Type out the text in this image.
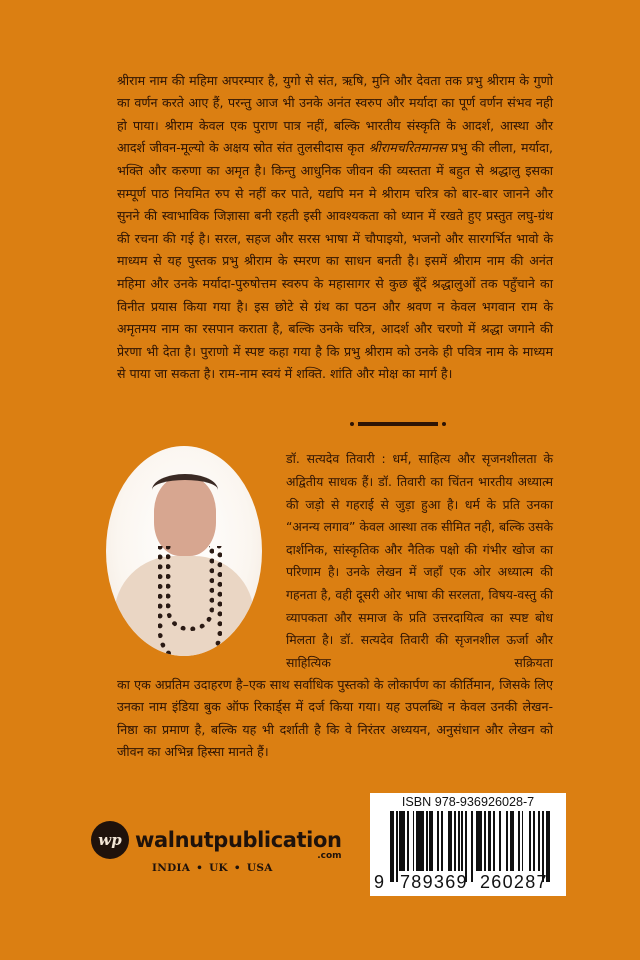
श्रीराम नाम की महिमा अपरम्पार है, युगो से संत, ऋषि, मुनि और देवता तक प्रभु श्रीराम के गुणो का वर्णन करते आए हैं, परन्तु आज भी उनके अनंत स्वरुप और मर्यादा का पूर्ण वर्णन संभव नही हो पाया। श्रीराम केवल एक पुराण पात्र नहीं, बल्कि भारतीय संस्कृति के आदर्श, आस्था और आदर्श जीवन-मूल्यो के अक्षय स्रोत संत तुलसीदास कृत श्रीरामचरितमानस प्रभु की लीला, मर्यादा, भक्ति और करुणा का अमृत है। किन्तु आधुनिक जीवन की व्यस्तता में बहुत से श्रद्धालु इसका सम्पूर्ण पाठ नियमित रुप से नहीं कर पाते, यद्यपि मन मे श्रीराम चरित्र को बार-बार जानने और सुनने की स्वाभाविक जिज्ञासा बनी रहती इसी आवश्यकता को ध्यान में रखते हुए प्रस्तुत लघु-ग्रंथ की रचना की गई है। सरल, सहज और सरस भाषा में चौपाइयो, भजनो और सारगर्भित भावो के माध्यम से यह पुस्तक प्रभु श्रीराम के स्मरण का साधन बनती है। इसमें श्रीराम नाम की अनंत महिमा और उनके मर्यादा-पुरुषोत्तम स्वरुप के महासागर से कुछ बूँदें श्रद्धालुओं तक पहुँचाने का विनीत प्रयास किया गया है। इस छोटे से ग्रंथ का पठन और श्रवण न केवल भगवान राम के अमृतमय नाम का रसपान कराता है, बल्कि उनके चरित्र, आदर्श और चरणो में श्रद्धा जगाने की प्रेरणा भी देता है। पुराणो में स्पष्ट कहा गया है कि प्रभु श्रीराम को उनके ही पवित्र नाम के माध्यम से पाया जा सकता है। राम-नाम स्वयं में शक्ति. शांति और मोक्ष का मार्ग है।

डॉ. सत्यदेव तिवारी : धर्म, साहित्य और सृजनशीलता के अद्वितीय साधक हैं। डॉ. तिवारी का चिंतन भारतीय अध्यात्म की जड़ो से गहराई से जुड़ा हुआ है। धर्म के प्रति उनका “अनन्य लगाव” केवल आस्था तक सीमित नही, बल्कि उसके दार्शनिक, सांस्कृतिक और नैतिक पक्षो की गंभीर खोज का परिणाम है। उनके लेखन में जहाँ एक ओर अध्यात्म की गहनता है, वही दूसरी ओर भाषा की सरलता, विषय-वस्तु की व्यापकता और समाज के प्रति उत्तरदायित्व का स्पष्ट बोध मिलता है। डॉ. सत्यदेव तिवारी की सृजनशील ऊर्जा और साहित्यिक सक्रियता

का एक अप्रतिम उदाहरण है–एक साथ सर्वाधिक पुस्तको के लोकार्पण का कीर्तिमान, जिसके लिए उनका नाम इंडिया बुक ऑफ रिकार्ड्स में दर्ज किया गया। यह उपलब्धि न केवल उनकी लेखन-निष्ठा का प्रमाण है, बल्कि यह भी दर्शाती है कि वे निरंतर अध्ययन, अनुसंधान और लेखन को जीवन का अभिन्न हिस्सा मानते हैं।

wp walnutpublication
.com
INDIA • UK • USA
ISBN 978-936926028-7
9 789369 260287
